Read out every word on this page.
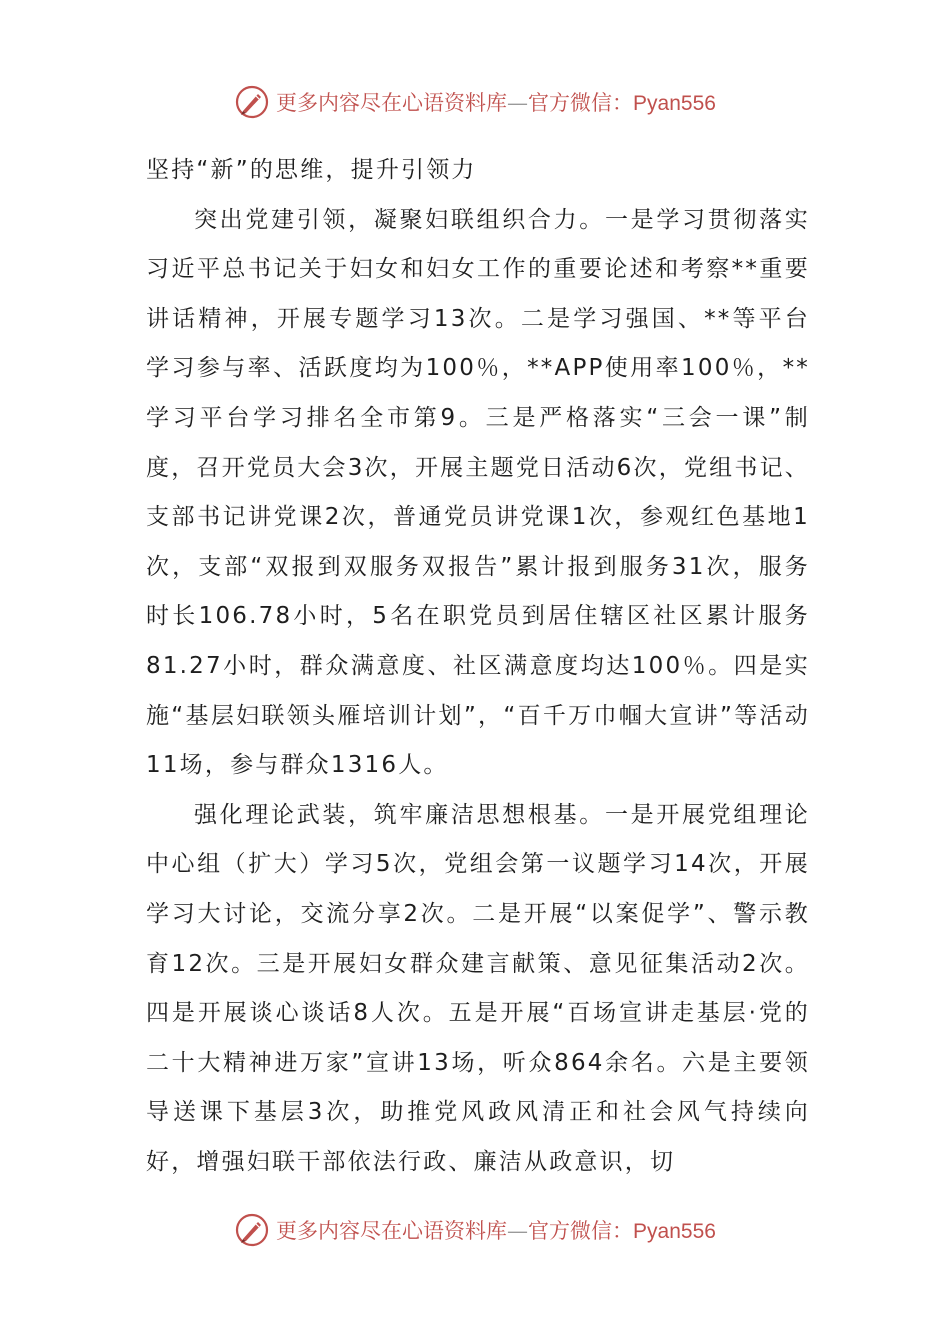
更多内容尽在心语资料库—官方微信：Pyan556

坚持“新”的思维，提升引领力

突出党建引领，凝聚妇联组织合力。一是学习贯彻落实习近平总书记关于妇女和妇女工作的重要论述和考察**重要讲话精神，开展专题学习13次。二是学习强国、**等平台学习参与率、活跃度均为100％，**APP使用率100％，**学习平台学习排名全市第9。三是严格落实“三会一课”制度，召开党员大会3次，开展主题党日活动6次，党组书记、支部书记讲党课2次，普通党员讲党课1次，参观红色基地1次，支部“双报到双服务双报告”累计报到服务31次，服务时长106.78小时，5名在职党员到居住辖区社区累计服务81.27小时，群众满意度、社区满意度均达100％。四是实施“基层妇联领头雁培训计划”，“百千万巾帼大宣讲”等活动11场，参与群众1316人。

强化理论武装，筑牢廉洁思想根基。一是开展党组理论中心组（扩大）学习5次，党组会第一议题学习14次，开展学习大讨论，交流分享2次。二是开展“以案促学”、警示教育12次。三是开展妇女群众建言献策、意见征集活动2次。四是开展谈心谈话8人次。五是开展“百场宣讲走基层·党的二十大精神进万家”宣讲13场，听众864余名。六是主要领导送课下基层3次，助推党风政风清正和社会风气持续向好，增强妇联干部依法行政、廉洁从政意识，切

更多内容尽在心语资料库—官方微信：Pyan556
